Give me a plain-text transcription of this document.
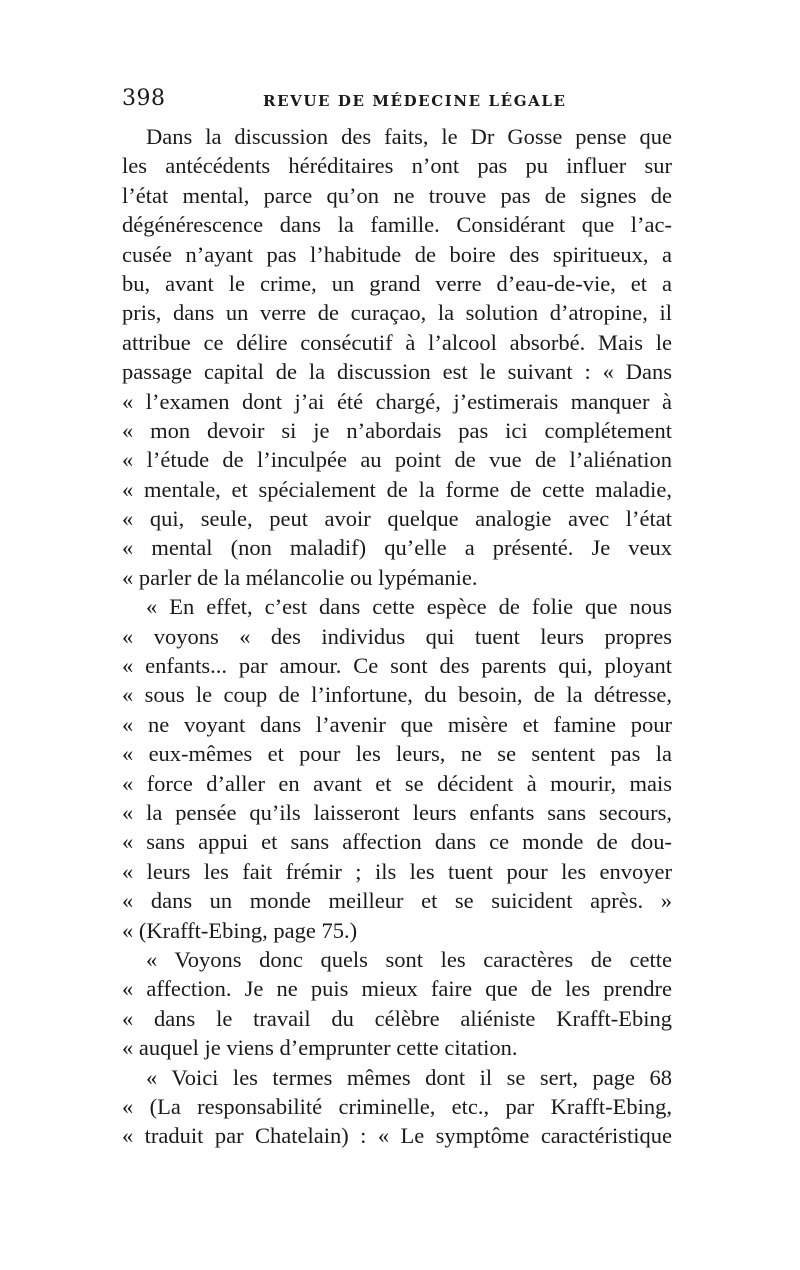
398	REVUE DE MÉDECINE LÉGALE
Dans la discussion des faits, le Dr Gosse pense que
les antécédents héréditaires n’ont pas pu influer sur
l’état mental, parce qu’on ne trouve pas de signes de
dégénérescence dans la famille. Considérant que l’ac-
cusée n’ayant pas l’habitude de boire des spiritueux, a
bu, avant le crime, un grand verre d’eau-de-vie, et a
pris, dans un verre de curaçao, la solution d’atropine, il
attribue ce délire consécutif à l’alcool absorbé. Mais le
passage capital de la discussion est le suivant : « Dans
« l’examen dont j’ai été chargé, j’estimerais manquer à
« mon devoir si je n’abordais pas ici complétement
« l’étude de l’inculpée au point de vue de l’aliénation
« mentale, et spécialement de la forme de cette maladie,
« qui, seule, peut avoir quelque analogie avec l’état
« mental (non maladif) qu’elle a présenté. Je veux
« parler de la mélancolie ou lypémanie.
« En effet, c’est dans cette espèce de folie que nous
« voyons « des individus qui tuent leurs propres
« enfants... par amour. Ce sont des parents qui, ployant
« sous le coup de l’infortune, du besoin, de la détresse,
« ne voyant dans l’avenir que misère et famine pour
« eux-mêmes et pour les leurs, ne se sentent pas la
« force d’aller en avant et se décident à mourir, mais
« la pensée qu’ils laisseront leurs enfants sans secours,
« sans appui et sans affection dans ce monde de dou-
« leurs les fait frémir ; ils les tuent pour les envoyer
« dans un monde meilleur et se suicident après. »
« (Krafft-Ebing, page 75.)
« Voyons donc quels sont les caractères de cette
« affection. Je ne puis mieux faire que de les prendre
« dans le travail du célèbre aliéniste Krafft-Ebing
« auquel je viens d’emprunter cette citation.
« Voici les termes mêmes dont il se sert, page 68
« (La responsabilité criminelle, etc., par Krafft-Ebing,
« traduit par Chatelain) : « Le symptôme caractéristique
